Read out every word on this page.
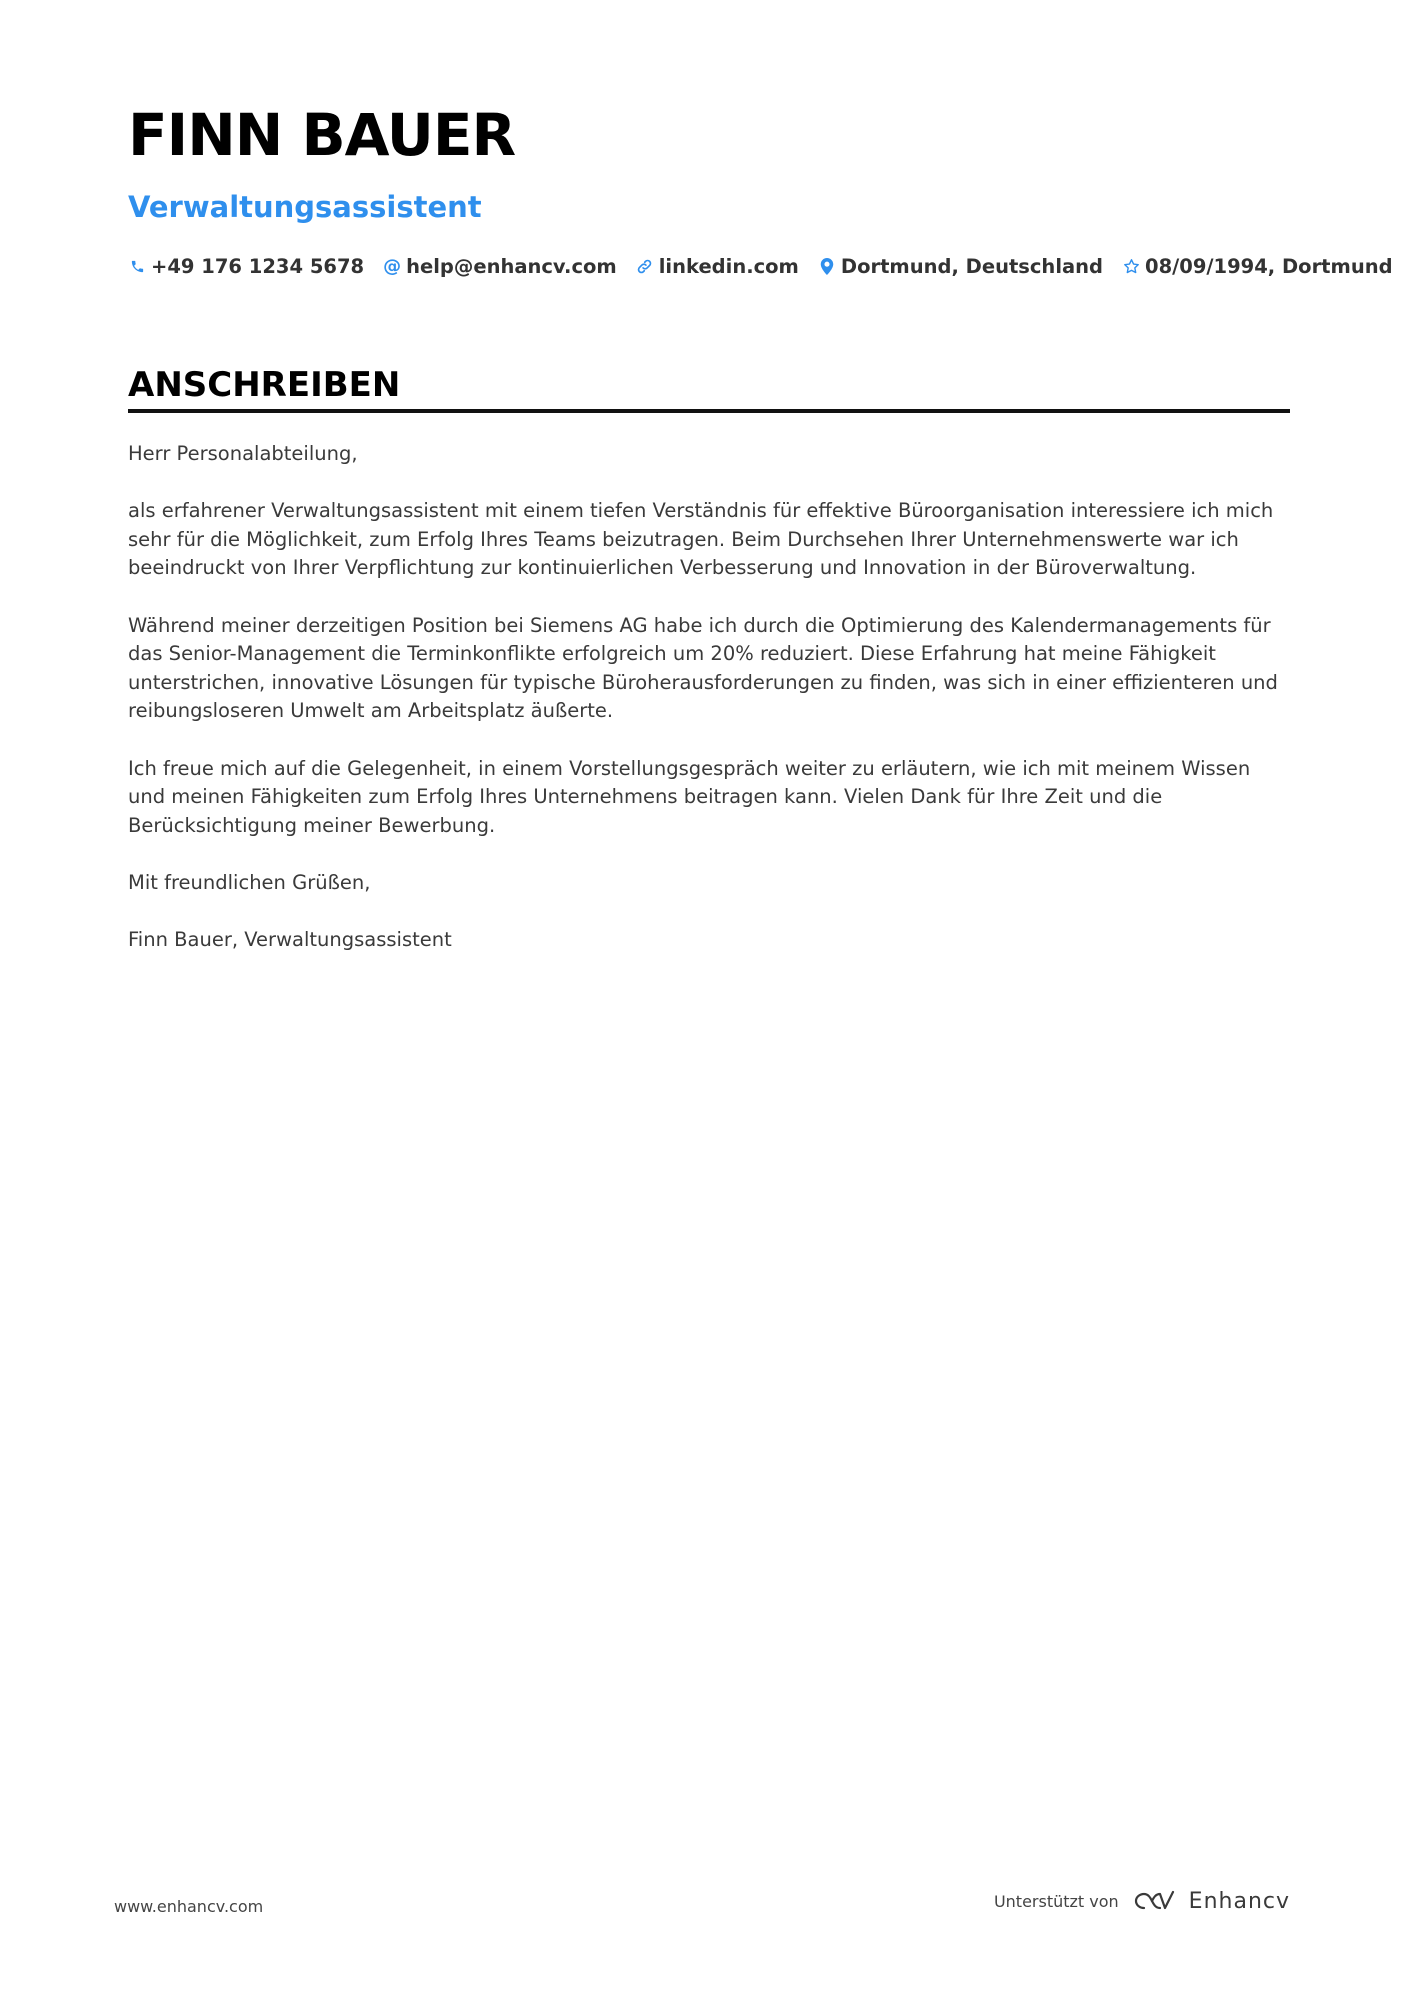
FINN BAUER
Verwaltungsassistent
+49 176 1234 5678 @ help@enhancv.com linkedin.com Dortmund, Deutschland 08/09/1994, Dortmund
ANSCHREIBEN

Herr Personalabteilung,

als erfahrener Verwaltungsassistent mit einem tiefen Verständnis für effektive Büroorganisation interessiere ich mich sehr für die Möglichkeit, zum Erfolg Ihres Teams beizutragen. Beim Durchsehen Ihrer Unternehmenswerte war ich beeindruckt von Ihrer Verpflichtung zur kontinuierlichen Verbesserung und Innovation in der Büroverwaltung.

Während meiner derzeitigen Position bei Siemens AG habe ich durch die Optimierung des Kalendermanagements für das Senior-Management die Terminkonflikte erfolgreich um 20% reduziert. Diese Erfahrung hat meine Fähigkeit unterstrichen, innovative Lösungen für typische Büroherausforderungen zu finden, was sich in einer effizienteren und reibungsloseren Umwelt am Arbeitsplatz äußerte.

Ich freue mich auf die Gelegenheit, in einem Vorstellungsgespräch weiter zu erläutern, wie ich mit meinem Wissen und meinen Fähigkeiten zum Erfolg Ihres Unternehmens beitragen kann. Vielen Dank für Ihre Zeit und die Berücksichtigung meiner Bewerbung.

Mit freundlichen Grüßen,

Finn Bauer, Verwaltungsassistent

www.enhancv.com	Unterstützt von	Enhancv
